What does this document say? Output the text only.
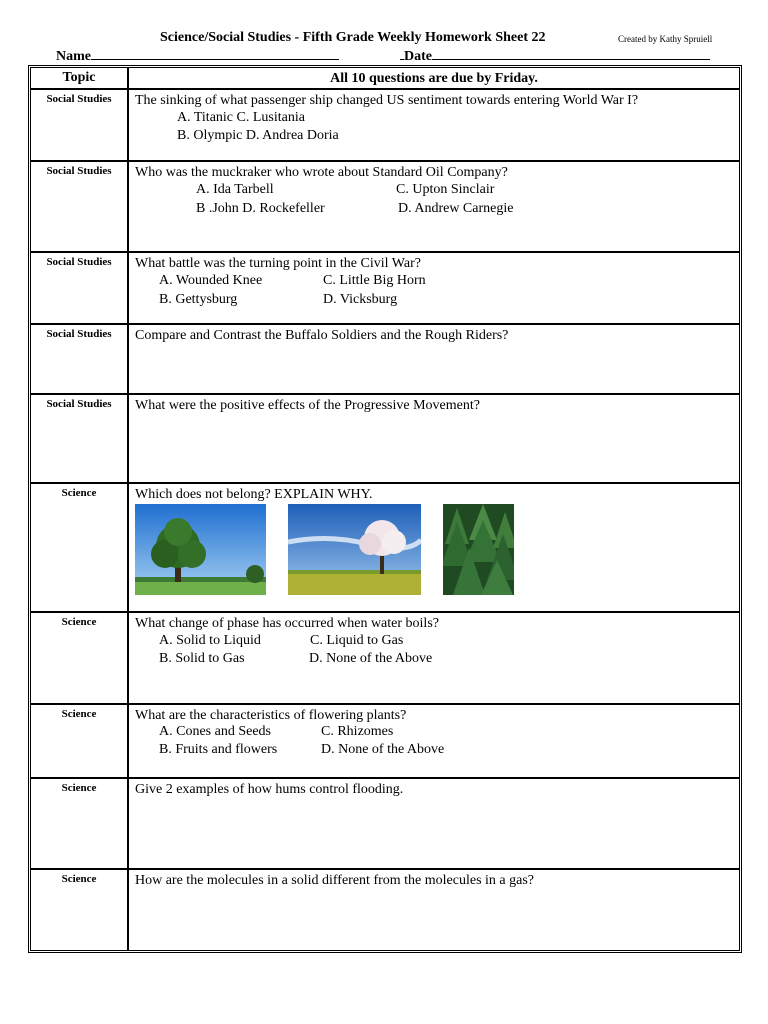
Science/Social Studies - Fifth Grade Weekly Homework Sheet 22	Created by Kathy Spruiell
Name	Date
Topic	All 10 questions are due by Friday.
Social Studies	The sinking of what passenger ship changed US sentiment towards entering World War I?
A. Titanic C. Lusitania
B. Olympic D. Andrea Doria
Social Studies	Who was the muckraker who wrote about Standard Oil Company?
A. Ida Tarbell	C. Upton Sinclair
B .John D. Rockefeller	D. Andrew Carnegie
Social Studies	What battle was the turning point in the Civil War?
A. Wounded Knee	C. Little Big Horn
B. Gettysburg	D. Vicksburg
Social Studies	Compare and Contrast the Buffalo Soldiers and the Rough Riders?
Social Studies	What were the positive effects of the Progressive Movement?
Science	Which does not belong? EXPLAIN WHY.
Science	What change of phase has occurred when water boils?
A. Solid to Liquid	C. Liquid to Gas
B. Solid to Gas	D. None of the Above
Science	What are the characteristics of flowering plants?
A. Cones and Seeds	C. Rhizomes
B. Fruits and flowers	D. None of the Above
Science	Give 2 examples of how hums control flooding.
Science	How are the molecules in a solid different from the molecules in a gas?
